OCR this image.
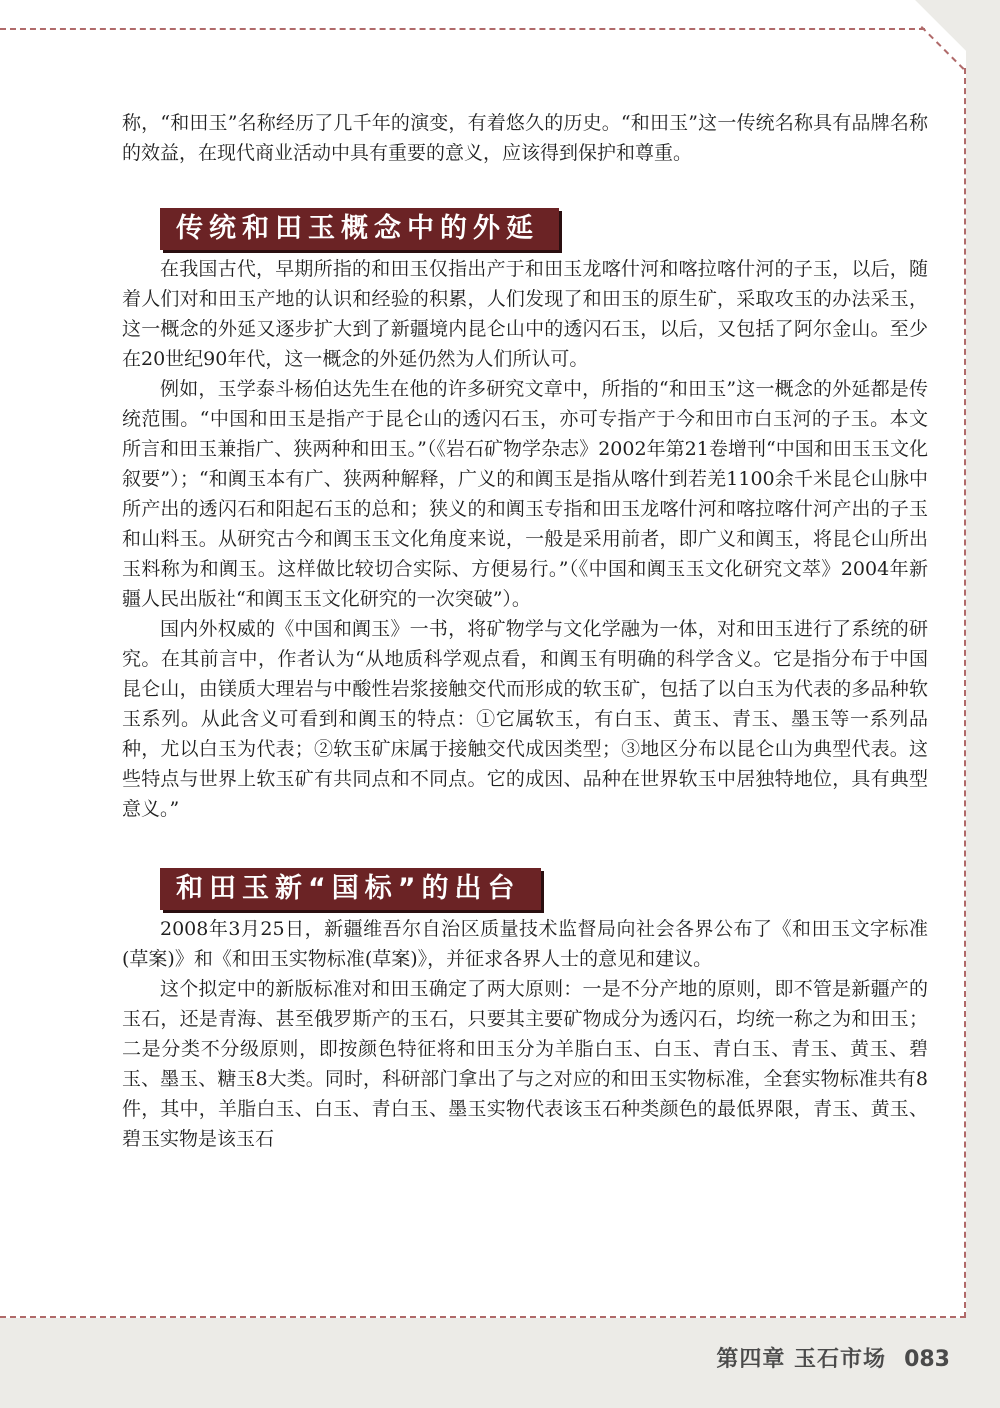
称，“和田玉”名称经历了几千年的演变，有着悠久的历史。“和田玉”这一传统名称具有品牌名称的效益，在现代商业活动中具有重要的意义，应该得到保护和尊重。

传统和田玉概念中的外延

在我国古代，早期所指的和田玉仅指出产于和田玉龙喀什河和喀拉喀什河的子玉，以后，随着人们对和田玉产地的认识和经验的积累，人们发现了和田玉的原生矿，采取攻玉的办法采玉，这一概念的外延又逐步扩大到了新疆境内昆仑山中的透闪石玉，以后，又包括了阿尔金山。至少在20世纪90年代，这一概念的外延仍然为人们所认可。

例如，玉学泰斗杨伯达先生在他的许多研究文章中，所指的“和田玉”这一概念的外延都是传统范围。“中国和田玉是指产于昆仑山的透闪石玉，亦可专指产于今和田市白玉河的子玉。本文所言和田玉兼指广、狭两种和田玉。”（《岩石矿物学杂志》2002年第21卷增刊“中国和田玉玉文化叙要”）；“和阗玉本有广、狭两种解释，广义的和阗玉是指从喀什到若羌1100余千米昆仑山脉中所产出的透闪石和阳起石玉的总和；狭义的和阗玉专指和田玉龙喀什河和喀拉喀什河产出的子玉和山料玉。从研究古今和阗玉玉文化角度来说，一般是采用前者，即广义和阗玉，将昆仑山所出玉料称为和阗玉。这样做比较切合实际、方便易行。”（《中国和阗玉玉文化研究文萃》2004年新疆人民出版社“和阗玉玉文化研究的一次突破”）。

国内外权威的《中国和阗玉》一书，将矿物学与文化学融为一体，对和田玉进行了系统的研究。在其前言中，作者认为“从地质科学观点看，和阗玉有明确的科学含义。它是指分布于中国昆仑山，由镁质大理岩与中酸性岩浆接触交代而形成的软玉矿，包括了以白玉为代表的多品种软玉系列。从此含义可看到和阗玉的特点：①它属软玉，有白玉、黄玉、青玉、墨玉等一系列品种，尤以白玉为代表；②软玉矿床属于接触交代成因类型；③地区分布以昆仑山为典型代表。这些特点与世界上软玉矿有共同点和不同点。它的成因、品种在世界软玉中居独特地位，具有典型意义。”

和田玉新“国标”的出台

2008年3月25日，新疆维吾尔自治区质量技术监督局向社会各界公布了《和田玉文字标准(草案)》和《和田玉实物标准(草案)》，并征求各界人士的意见和建议。

这个拟定中的新版标准对和田玉确定了两大原则：一是不分产地的原则，即不管是新疆产的玉石，还是青海、甚至俄罗斯产的玉石，只要其主要矿物成分为透闪石，均统一称之为和田玉；二是分类不分级原则，即按颜色特征将和田玉分为羊脂白玉、白玉、青白玉、青玉、黄玉、碧玉、墨玉、糖玉8大类。同时，科研部门拿出了与之对应的和田玉实物标准，全套实物标准共有8件，其中，羊脂白玉、白玉、青白玉、墨玉实物代表该玉石种类颜色的最低界限，青玉、黄玉、碧玉实物是该玉石

第四章 玉石市场 083
